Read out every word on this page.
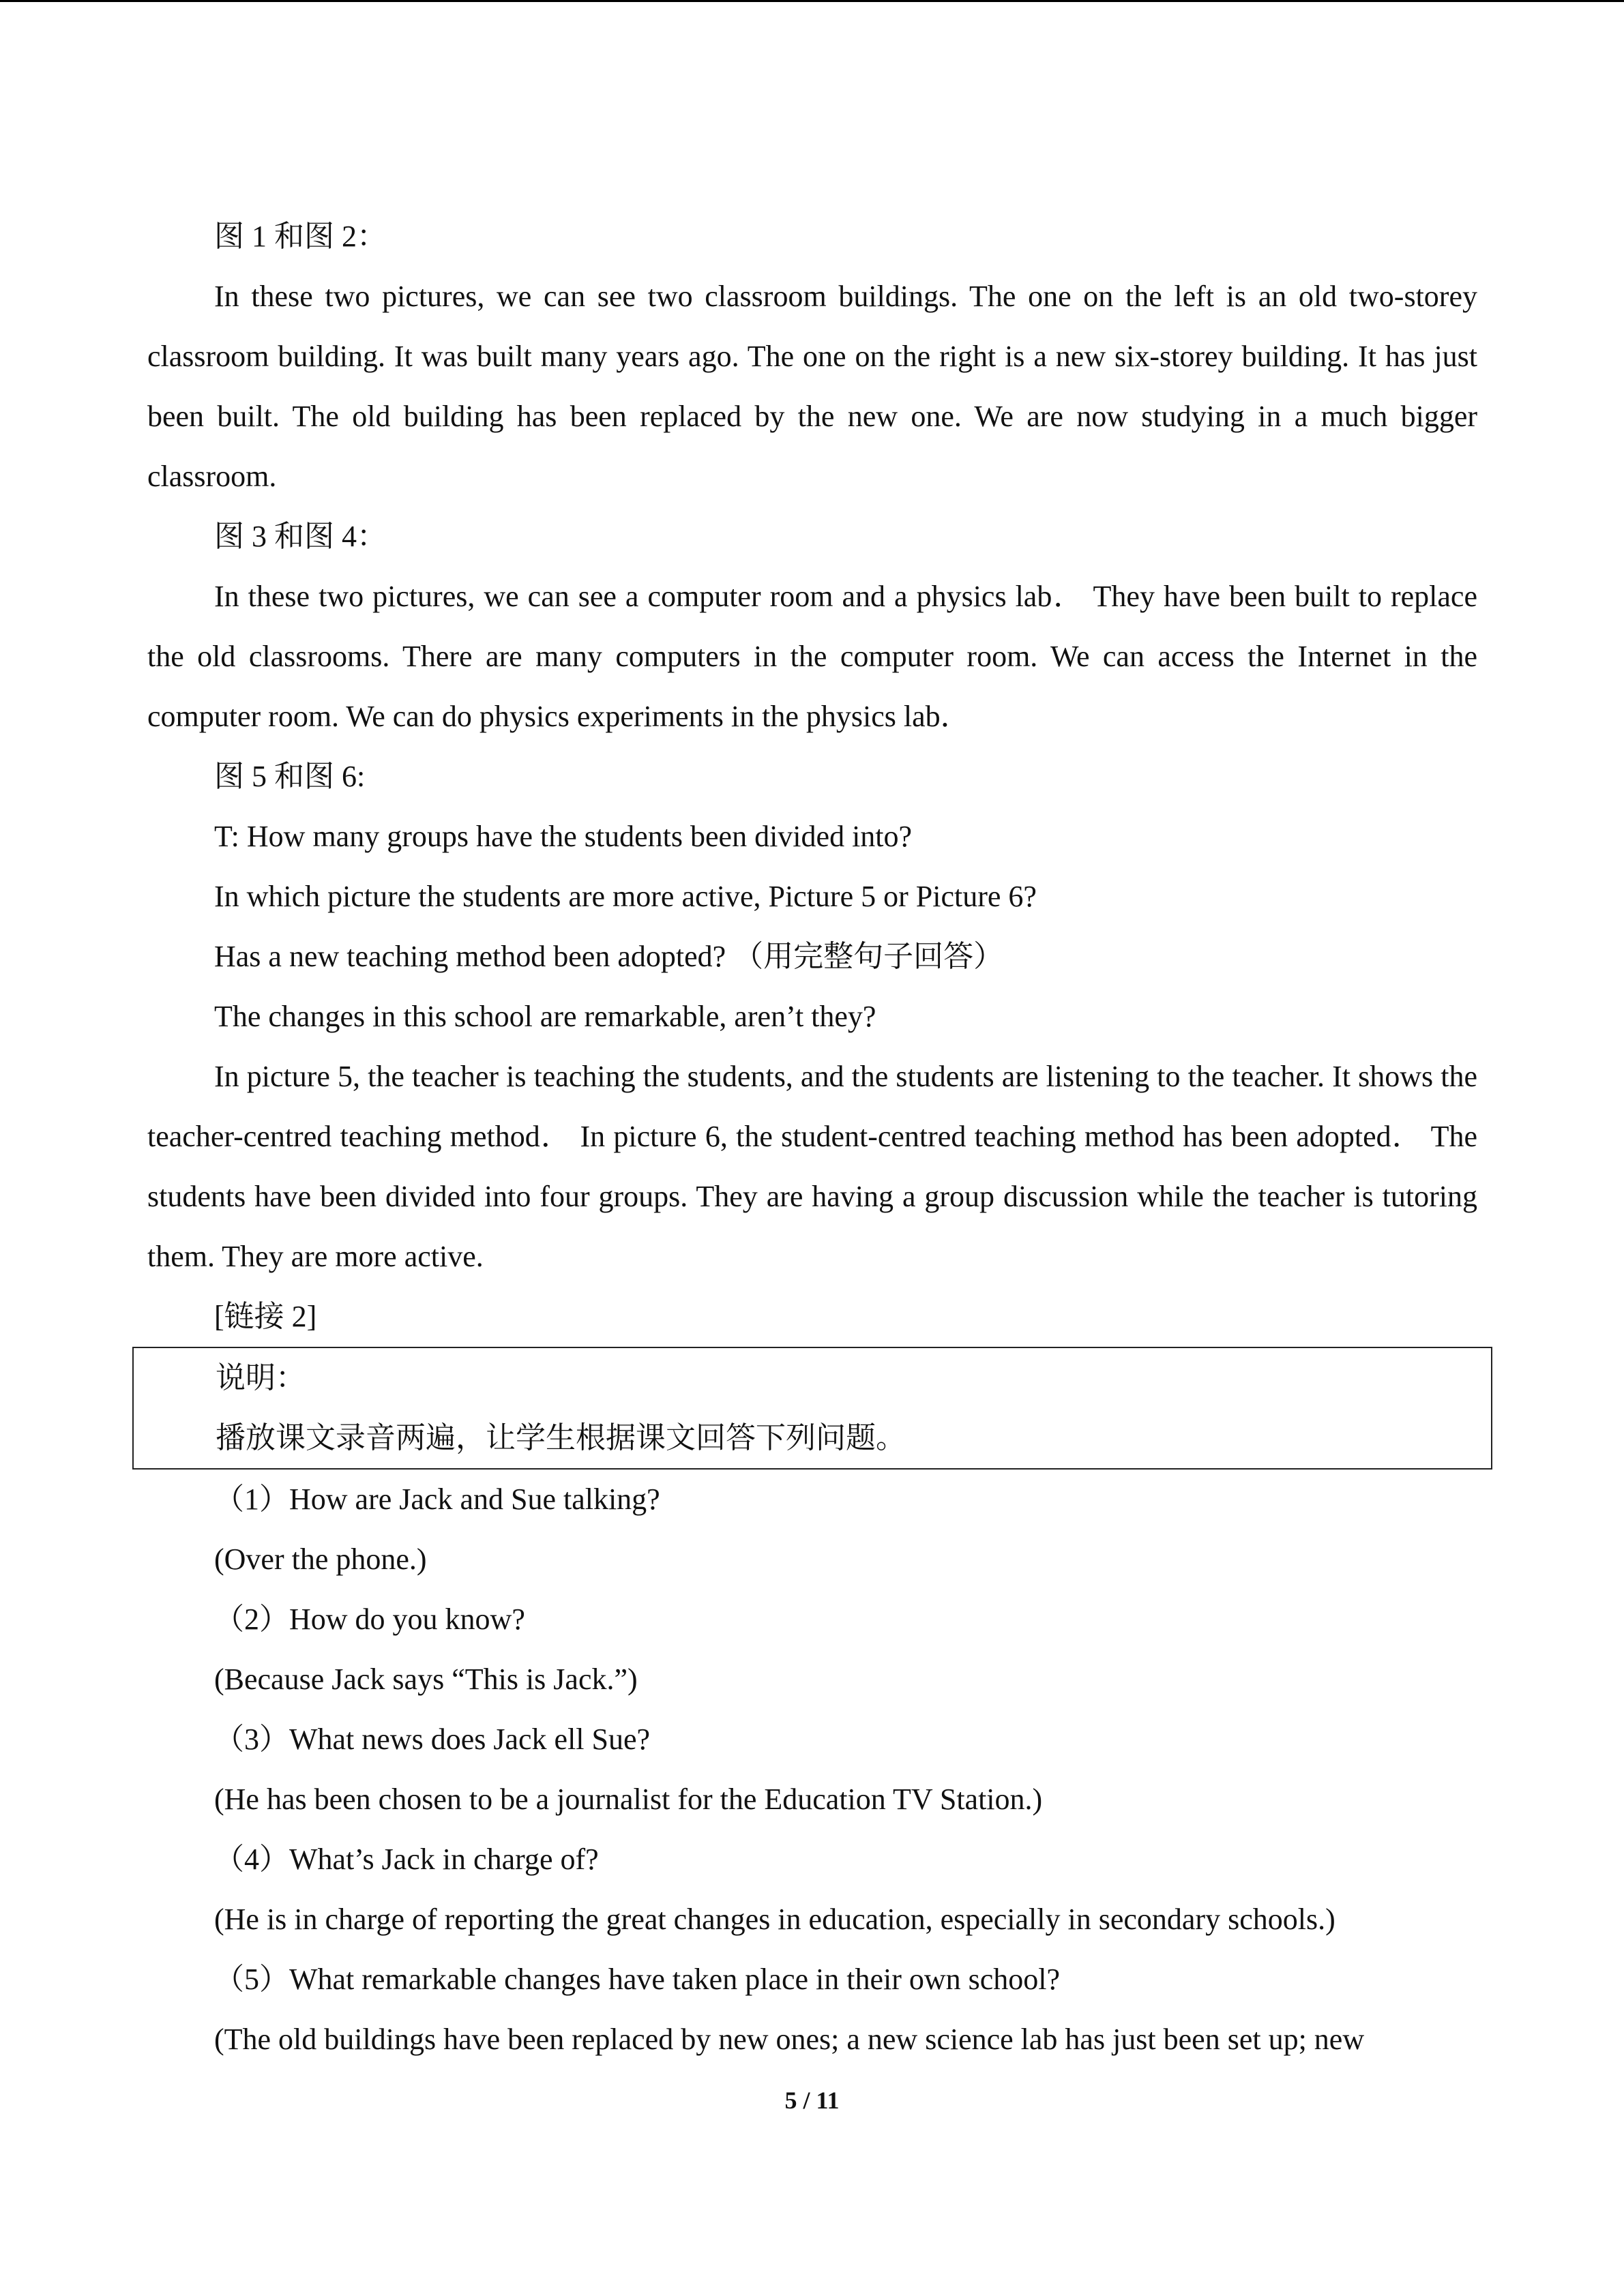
图 1 和图 2：

In these two pictures, we can see two classroom buildings. The one on the left is an old two-storey classroom building. It was built many years ago. The one on the right is a new six-storey building. It has just been built. The old building has been replaced by the new one. We are now studying in a much bigger classroom.

图 3 和图 4：

In these two pictures, we can see a computer room and a physics lab． They have been built to replace the old classrooms. There are many computers in the computer room. We can access the Internet in the computer room. We can do physics experiments in the physics lab．

图 5 和图 6:

T: How many groups have the students been divided into?

In which picture the students are more active, Picture 5 or Picture 6?

Has a new teaching method been adopted? （用完整句子回答）

The changes in this school are remarkable, aren’t they?

In picture 5, the teacher is teaching the students, and the students are listening to the teacher. It shows the teacher-centred teaching method． In picture 6, the student-centred teaching method has been adopted． The students have been divided into four groups. They are having a group discussion while the teacher is tutoring them. They are more active.

[链接 2]

说明：

播放课文录音两遍，让学生根据课文回答下列问题。

（1）How are Jack and Sue talking?

(Over the phone.)

（2）How do you know?

(Because Jack says “This is Jack.”)

（3）What news does Jack ell Sue?

(He has been chosen to be a journalist for the Education TV Station.)

（4）What’s Jack in charge of?

(He is in charge of reporting the great changes in education, especially in secondary schools.)

（5）What remarkable changes have taken place in their own school?

(The old buildings have been replaced by new ones; a new science lab has just been set up; new

5 / 11
